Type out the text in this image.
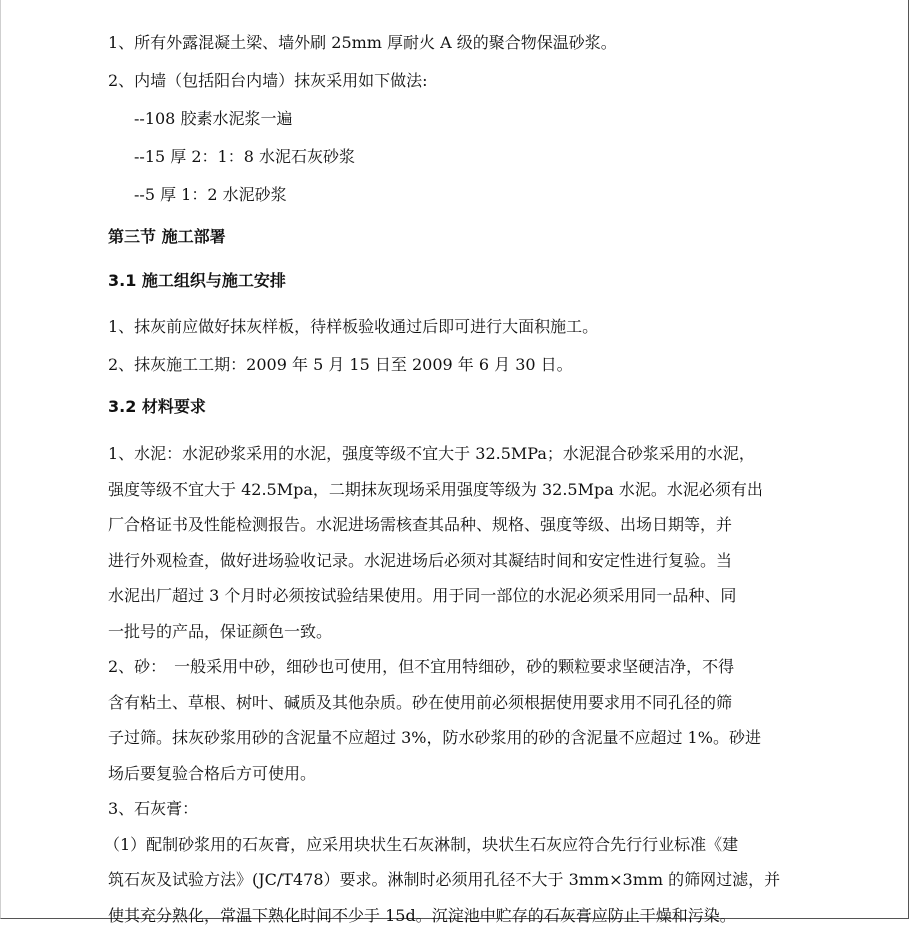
1、所有外露混凝土梁、墙外刷 25mm 厚耐火 A 级的聚合物保温砂浆。
2、内墙（包括阳台内墙）抹灰采用如下做法:
--108 胶素水泥浆一遍
--15 厚 2：1：8 水泥石灰砂浆
--5 厚 1：2 水泥砂浆
第三节 施工部署
3.1 施工组织与施工安排
1、抹灰前应做好抹灰样板，待样板验收通过后即可进行大面积施工。
2、抹灰施工工期：2009 年 5 月 15 日至 2009 年 6 月 30 日。
3.2 材料要求
1、水泥：水泥砂浆采用的水泥，强度等级不宜大于 32.5MPa；水泥混合砂浆采用的水泥，
强度等级不宜大于 42.5Mpa，二期抹灰现场采用强度等级为 32.5Mpa 水泥。水泥必须有出
厂合格证书及性能检测报告。水泥进场需核查其品种、规格、强度等级、出场日期等，并
进行外观检查，做好进场验收记录。水泥进场后必须对其凝结时间和安定性进行复验。当
水泥出厂超过 3 个月时必须按试验结果使用。用于同一部位的水泥必须采用同一品种、同
一批号的产品，保证颜色一致。
2、砂：　一般采用中砂，细砂也可使用，但不宜用特细砂，砂的颗粒要求坚硬洁净，不得
含有粘土、草根、树叶、碱质及其他杂质。砂在使用前必须根据使用要求用不同孔径的筛
子过筛。抹灰砂浆用砂的含泥量不应超过 3%，防水砂浆用的砂的含泥量不应超过 1%。砂进
场后要复验合格后方可使用。
3、石灰膏：
（1）配制砂浆用的石灰膏，应采用块状生石灰淋制，块状生石灰应符合先行行业标准《建
筑石灰及试验方法》(JC/T478）要求。淋制时必须用孔径不大于 3mm×3mm 的筛网过滤，并
使其充分熟化，常温下熟化时间不少于 15d。沉淀池中贮存的石灰膏应防止干燥和污染。
